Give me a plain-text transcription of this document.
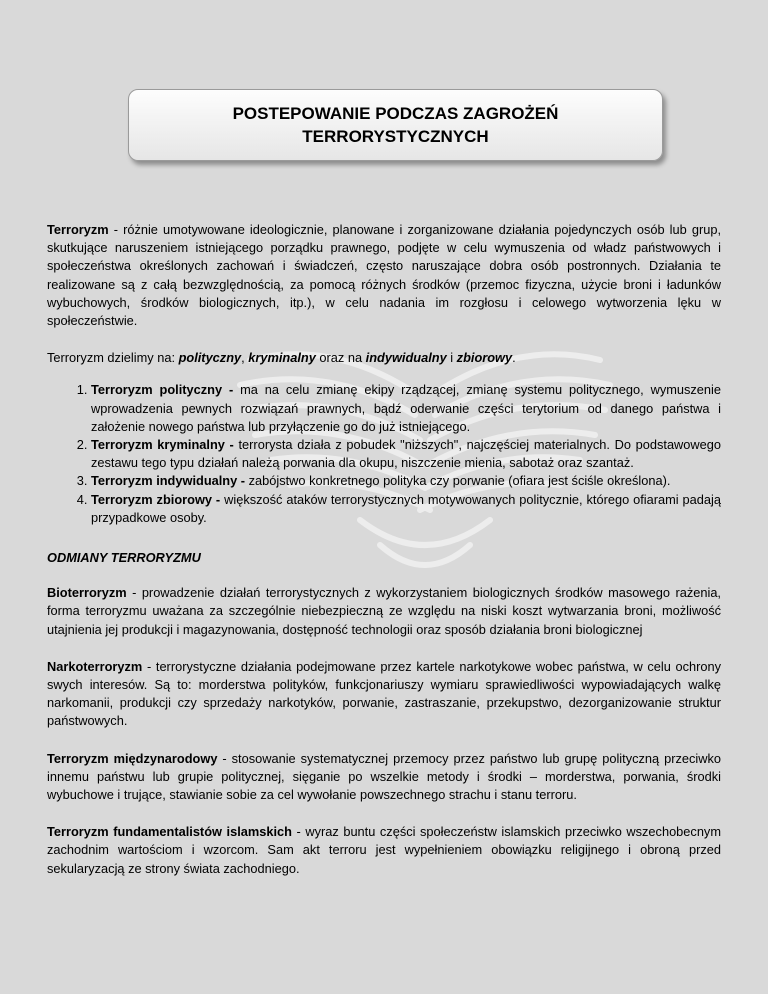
POSTEPOWANIE PODCZAS ZAGROŻEŃ
TERRORYSTYCZNYCH

Terroryzm - różnie umotywowane ideologicznie, planowane i zorganizowane działania pojedynczych osób lub grup, skutkujące naruszeniem istniejącego porządku prawnego, podjęte w celu wymuszenia od władz państwowych i społeczeństwa określonych zachowań i świadczeń, często naruszające dobra osób postronnych. Działania te realizowane są z całą bezwzględnością, za pomocą różnych środków (przemoc fizyczna, użycie broni i ładunków wybuchowych, środków biologicznych, itp.), w celu nadania im rozgłosu i celowego wytworzenia lęku w społeczeństwie.

Terroryzm dzielimy na: polityczny, kryminalny oraz na indywidualny i zbiorowy.

1. Terroryzm polityczny - ma na celu zmianę ekipy rządzącej, zmianę systemu politycznego, wymuszenie wprowadzenia pewnych rozwiązań prawnych, bądź oderwanie części terytorium od danego państwa i założenie nowego państwa lub przyłączenie go do już istniejącego.
2. Terroryzm kryminalny - terrorysta działa z pobudek "niższych", najczęściej materialnych. Do podstawowego zestawu tego typu działań należą porwania dla okupu, niszczenie mienia, sabotaż oraz szantaż.
3. Terroryzm indywidualny - zabójstwo konkretnego polityka czy porwanie (ofiara jest ściśle określona).
4. Terroryzm zbiorowy - większość ataków terrorystycznych motywowanych politycznie, którego ofiarami padają przypadkowe osoby.

ODMIANY TERRORYZMU

Bioterroryzm - prowadzenie działań terrorystycznych z wykorzystaniem biologicznych środków masowego rażenia, forma terroryzmu uważana za szczególnie niebezpieczną ze względu na niski koszt wytwarzania broni, możliwość utajnienia jej produkcji i magazynowania, dostępność technologii oraz sposób działania broni biologicznej

Narkoterroryzm - terrorystyczne działania podejmowane przez kartele narkotykowe wobec państwa, w celu ochrony swych interesów. Są to: morderstwa polityków, funkcjonariuszy wymiaru sprawiedliwości wypowiadających walkę narkomanii, produkcji czy sprzedaży narkotyków, porwanie, zastraszanie, przekupstwo, dezorganizowanie struktur państwowych.

Terroryzm międzynarodowy - stosowanie systematycznej przemocy przez państwo lub grupę polityczną przeciwko innemu państwu lub grupie politycznej, sięganie po wszelkie metody i środki – morderstwa, porwania, środki wybuchowe i trujące, stawianie sobie za cel wywołanie powszechnego strachu i stanu terroru.

Terroryzm fundamentalistów islamskich - wyraz buntu części społeczeństw islamskich przeciwko wszechobecnym zachodnim wartościom i wzorcom. Sam akt terroru jest wypełnieniem obowiązku religijnego i obroną przed sekularyzacją ze strony świata zachodniego.
